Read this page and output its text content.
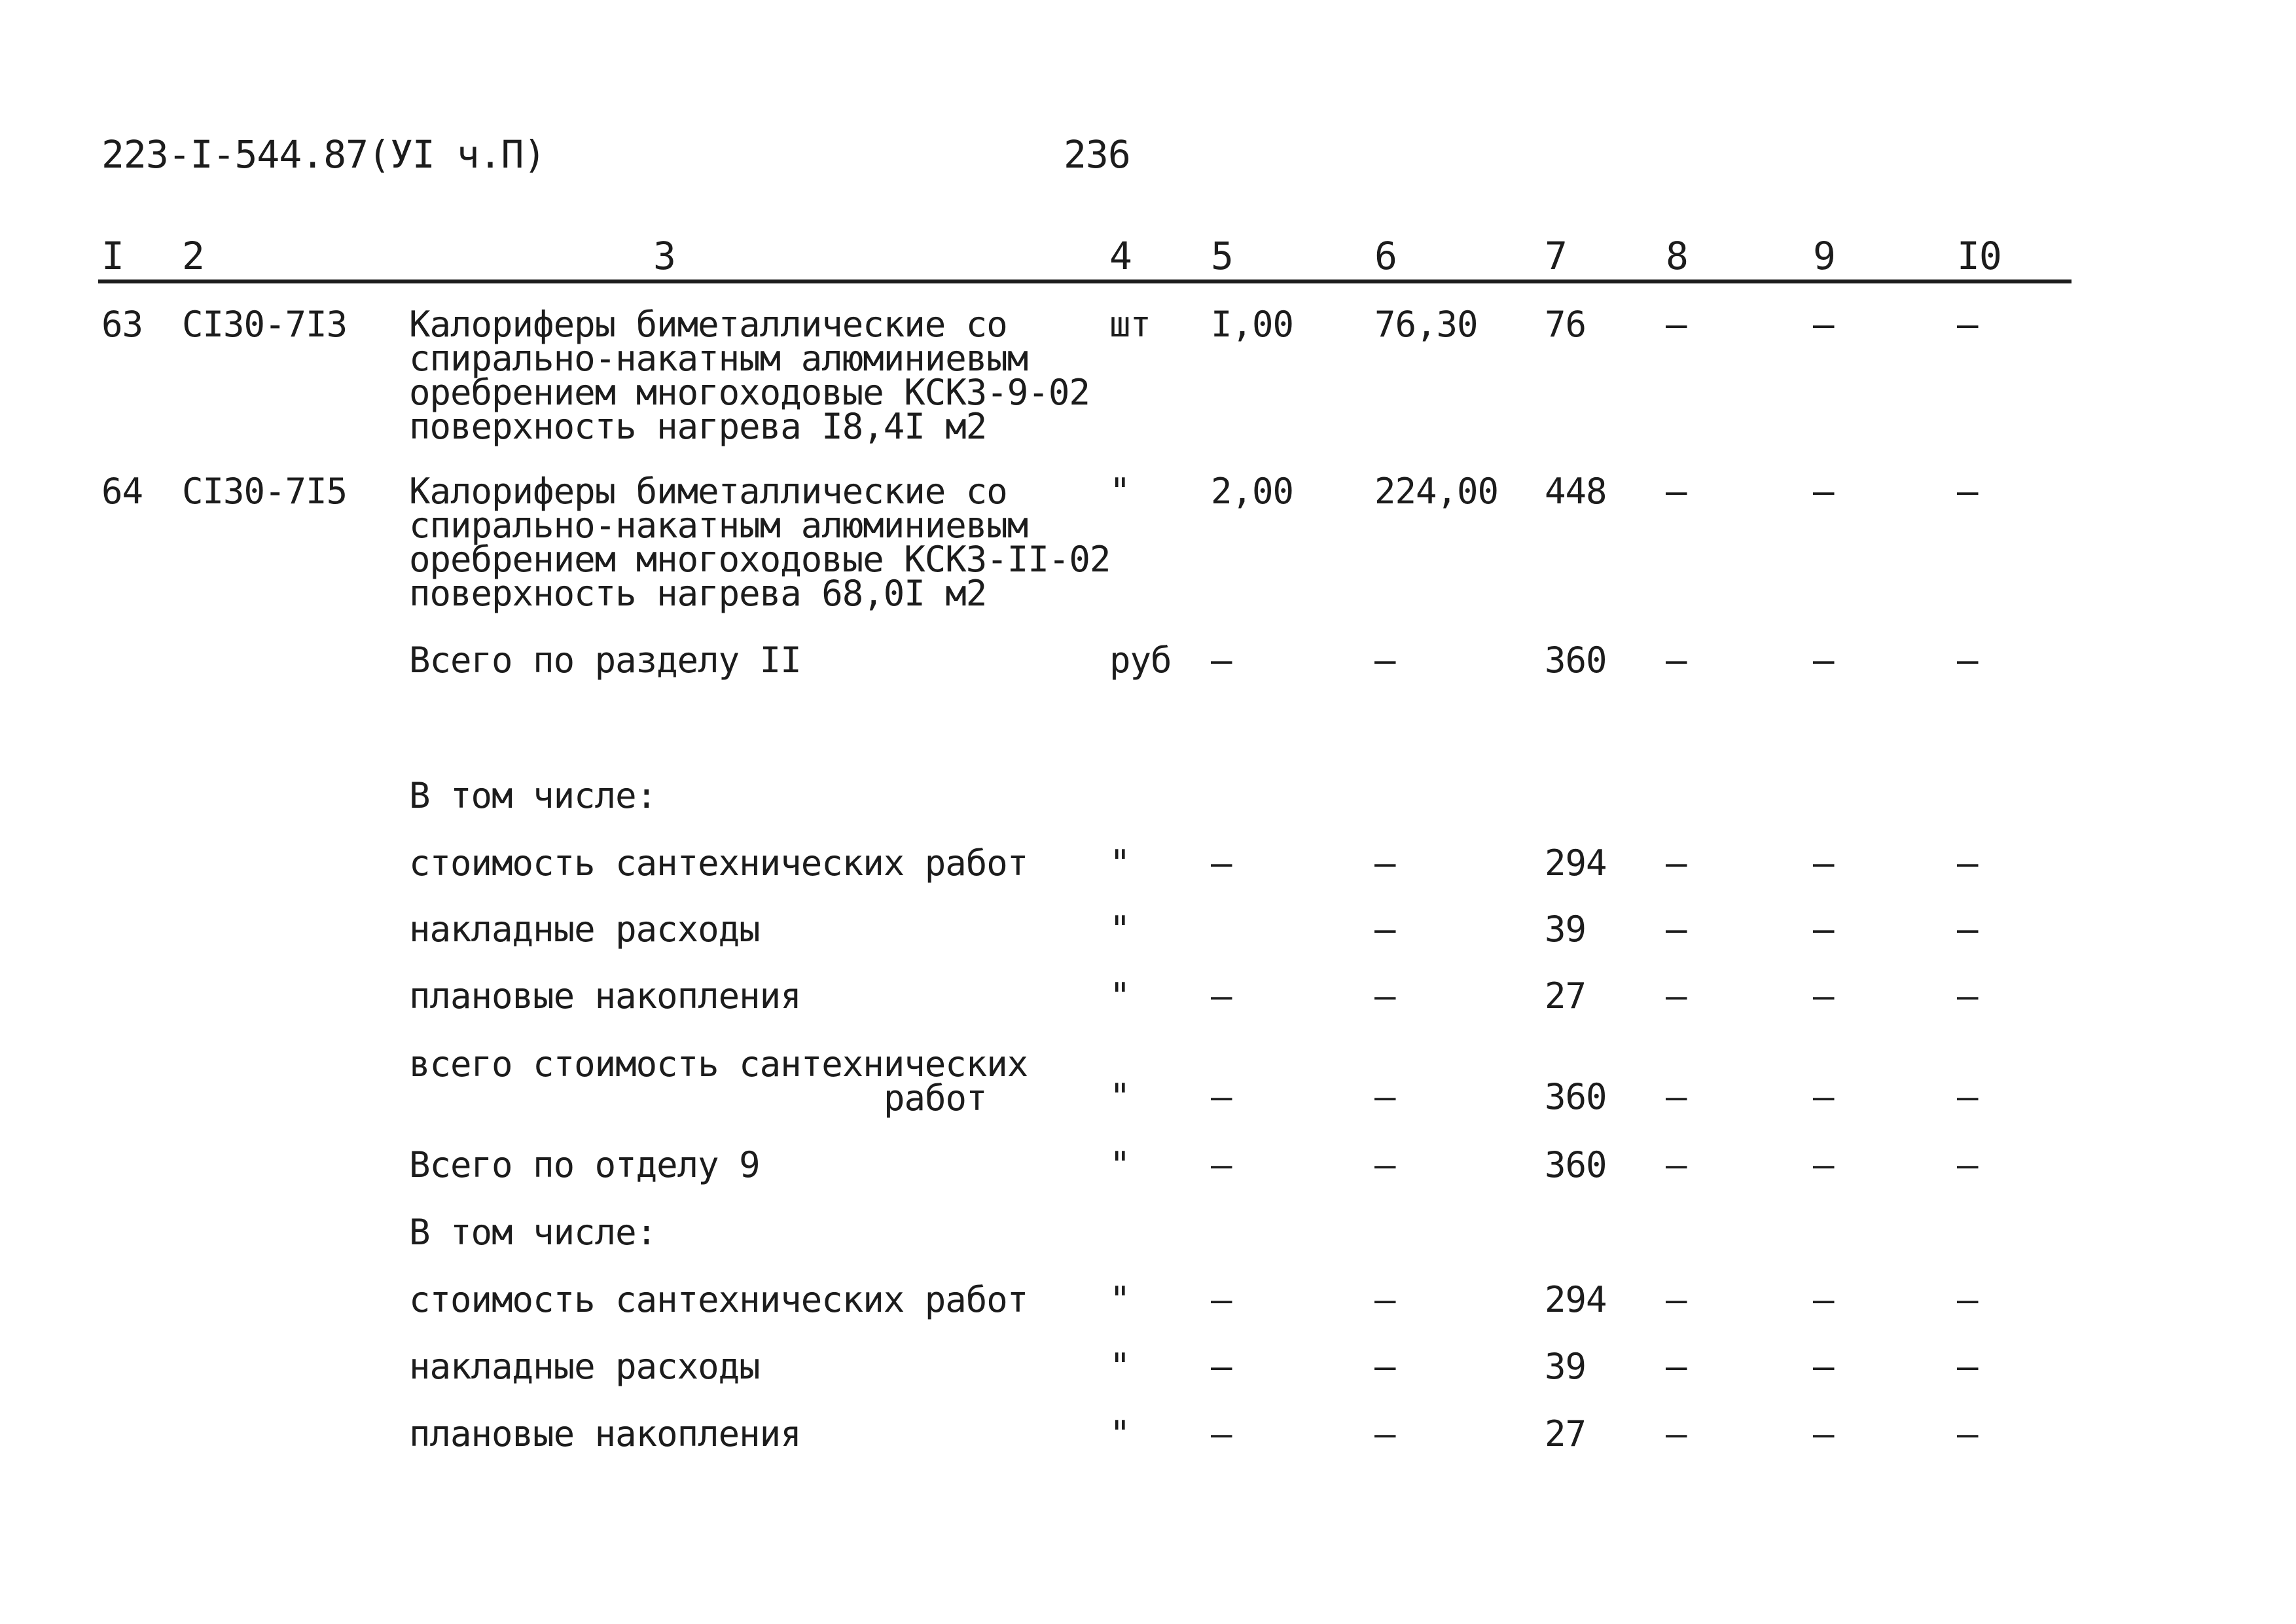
223-I-544.87(УI ч.П)	236
I 2	3	4 5	6	7	8	9	I0
63 CI30-7I3 Калориферы биметаллические со
спирально-накатным алюминиевым
оребрением многоходовые КСКЗ-9-02
поверхность нагрева I8,4I м2
шт I,00 76,30 76 –	–	–
64 CI30-7I5 Калориферы биметаллические со
спирально-накатным алюминиевым
оребрением многоходовые КСКЗ-II-02
поверхность нагрева 68,0I м2
" 2,00 224,00 448 –	–	–
Всего по разделу II	руб –	–	360 –	–	–
В том числе:
стоимость сантехнических работ " –	–	294 –	–	–
накладные расходы	"	–	39 –	–	–
плановые накопления	" –	–	27 –	–	–
всего стоимость сантехнических
работ	" –	–	360 –	–	–
Всего по отделу 9	" –	–	360 –	–	–
В том числе:
стоимость сантехнических работ " –	–	294 –	–	–
накладные расходы	" –	–	39 –	–	–
плановые накопления	" –	–	27 –	–	–
